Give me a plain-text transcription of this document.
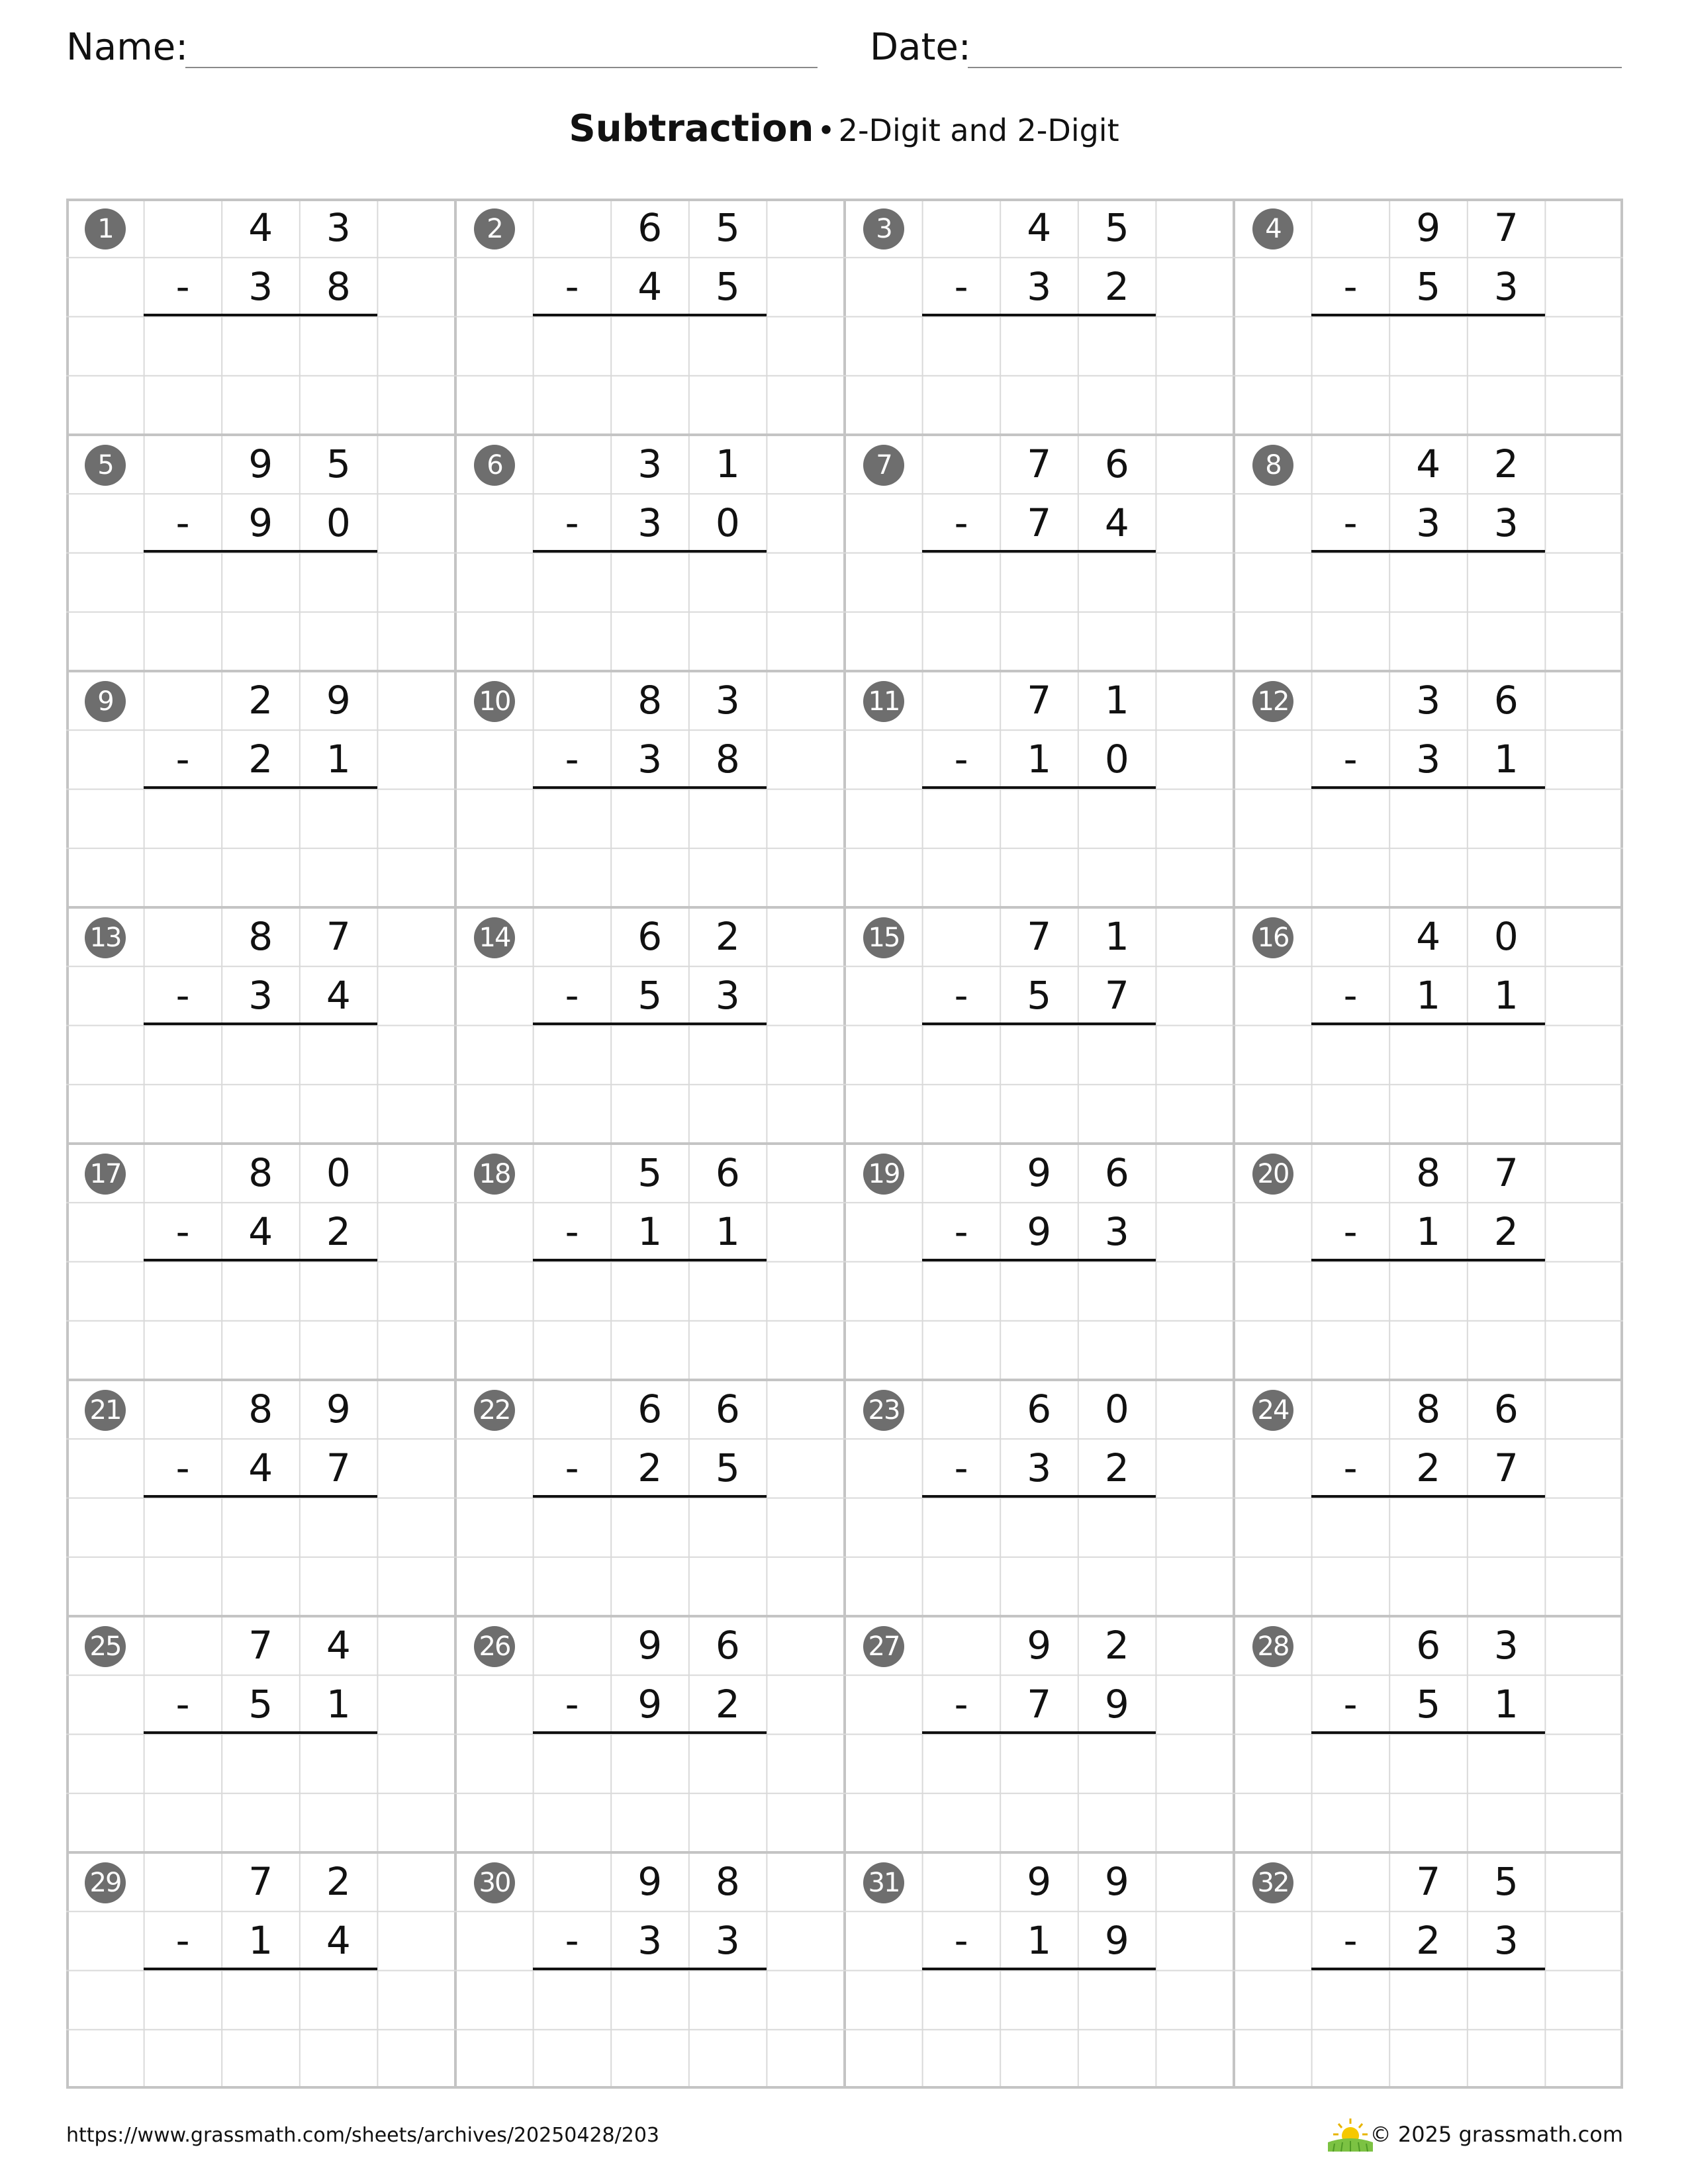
Name:	Date:
Subtraction • 2-Digit and 2-Digit
1	4	3
-	3	8
2	6	5
-	4	5
3	4	5
-	3	2
4	9	7
-	5	3
5	9	5
-	9	0
6	3	1
-	3	0
7	7	6
-	7	4
8	4	2
-	3	3
9	2	9
-	2	1
10	8	3
-	3	8
11	7	1
-	1	0
12	3	6
-	3	1
13	8	7
-	3	4
14	6	2
-	5	3
15	7	1
-	5	7
16	4	0
-	1	1
17	8	0
-	4	2
18	5	6
-	1	1
19	9	6
-	9	3
20	8	7
-	1	2
21	8	9
-	4	7
22	6	6
-	2	5
23	6	0
-	3	2
24	8	6
-	2	7
25	7	4
-	5	1
26	9	6
-	9	2
27	9	2
-	7	9
28	6	3
-	5	1
29	7	2
-	1	4
30	9	8
-	3	3
31	9	9
-	1	9
32	7	5
-	2	3
https://www.grassmath.com/sheets/archives/20250428/203	© 2025 grassmath.com
